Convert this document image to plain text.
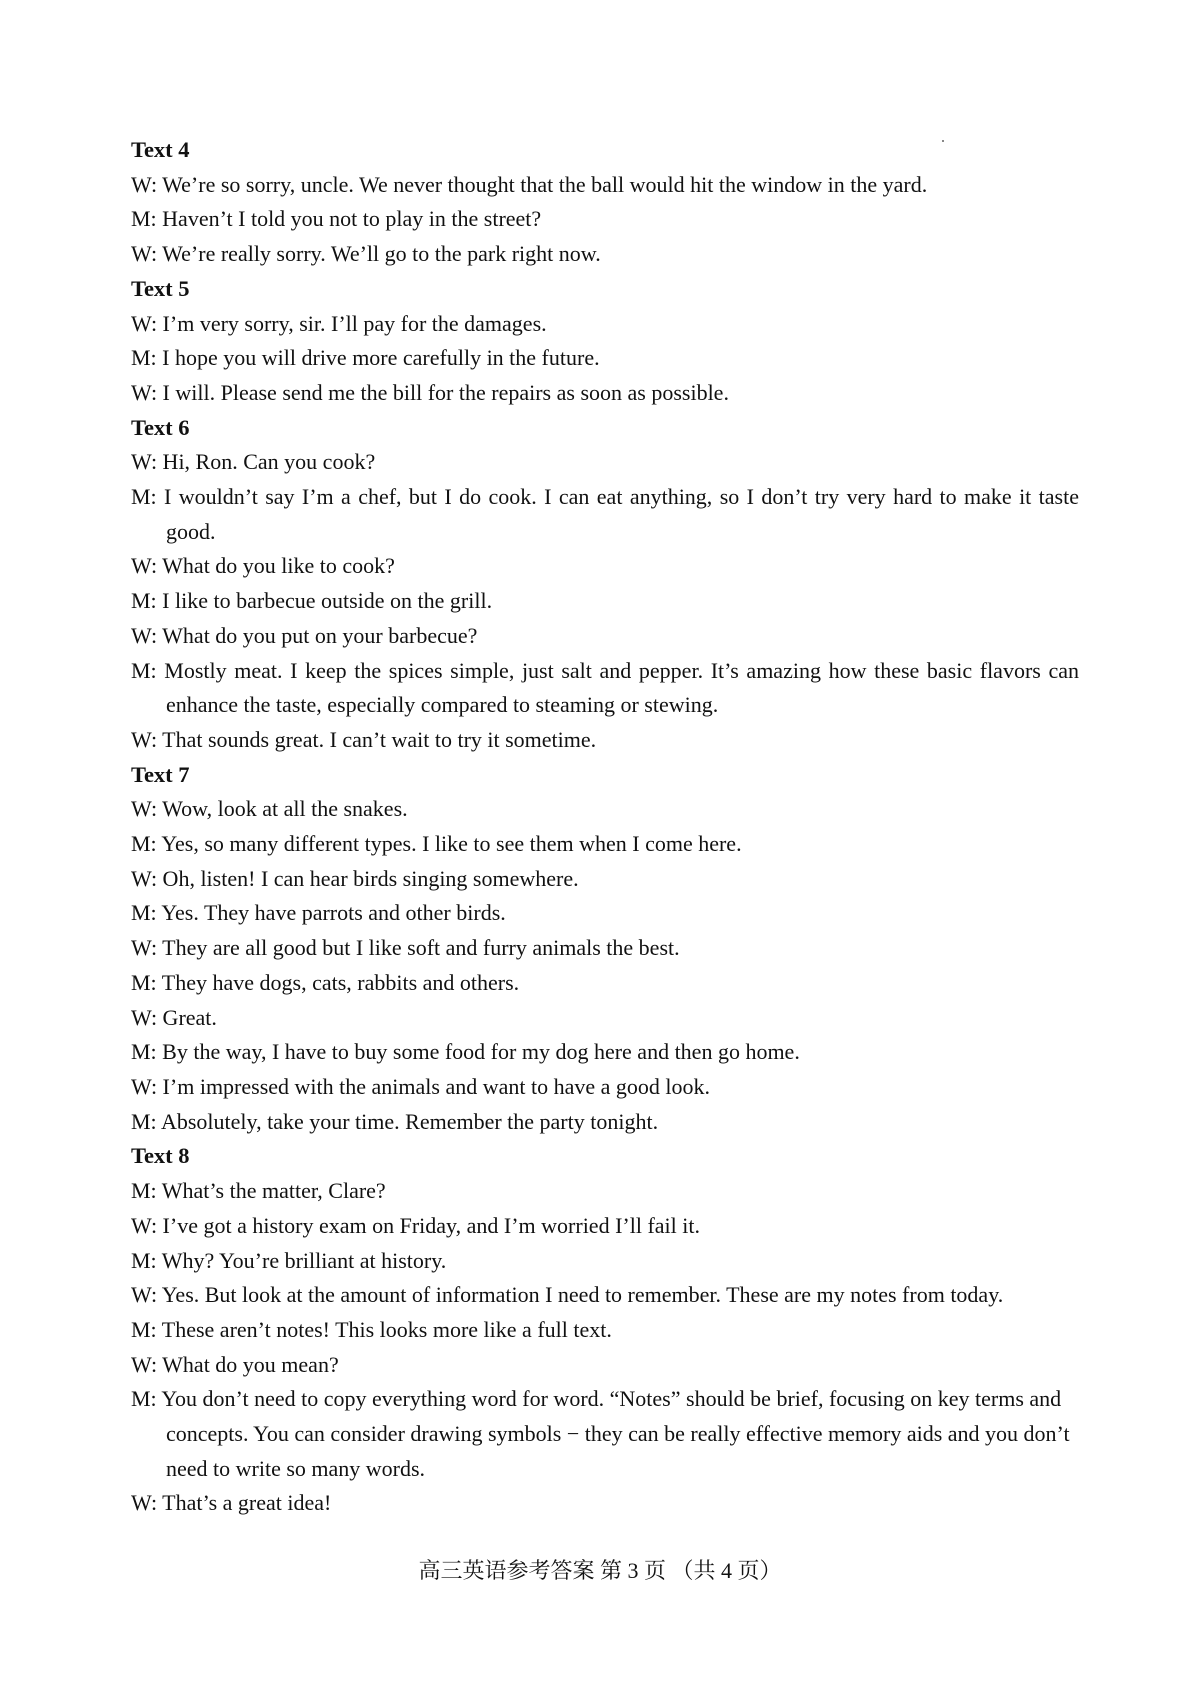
Text 4

W: We’re so sorry, uncle. We never thought that the ball would hit the window in the yard.

M: Haven’t I told you not to play in the street?

W: We’re really sorry. We’ll go to the park right now.

Text 5

W: I’m very sorry, sir. I’ll pay for the damages.

M: I hope you will drive more carefully in the future.

W: I will. Please send me the bill for the repairs as soon as possible.

Text 6

W: Hi, Ron. Can you cook?

M: I wouldn’t say I’m a chef, but I do cook. I can eat anything, so I don’t try very hard to make it taste good.

W: What do you like to cook?

M: I like to barbecue outside on the grill.

W: What do you put on your barbecue?

M: Mostly meat. I keep the spices simple, just salt and pepper. It’s amazing how these basic flavors can enhance the taste, especially compared to steaming or stewing.

W: That sounds great. I can’t wait to try it sometime.

Text 7

W: Wow, look at all the snakes.

M: Yes, so many different types. I like to see them when I come here.

W: Oh, listen! I can hear birds singing somewhere.

M: Yes. They have parrots and other birds.

W: They are all good but I like soft and furry animals the best.

M: They have dogs, cats, rabbits and others.

W: Great.

M: By the way, I have to buy some food for my dog here and then go home.

W: I’m impressed with the animals and want to have a good look.

M: Absolutely, take your time. Remember the party tonight.

Text 8

M: What’s the matter, Clare?

W: I’ve got a history exam on Friday, and I’m worried I’ll fail it.

M: Why? You’re brilliant at history.

W: Yes. But look at the amount of information I need to remember. These are my notes from today.

M: These aren’t notes! This looks more like a full text.

W: What do you mean?

M: You don’t need to copy everything word for word. “Notes” should be brief, focusing on key terms and concepts. You can consider drawing symbols − they can be really effective memory aids and you don’t need to write so many words.

W: That’s a great idea!

高三英语参考答案 第 3 页 （共 4 页）
